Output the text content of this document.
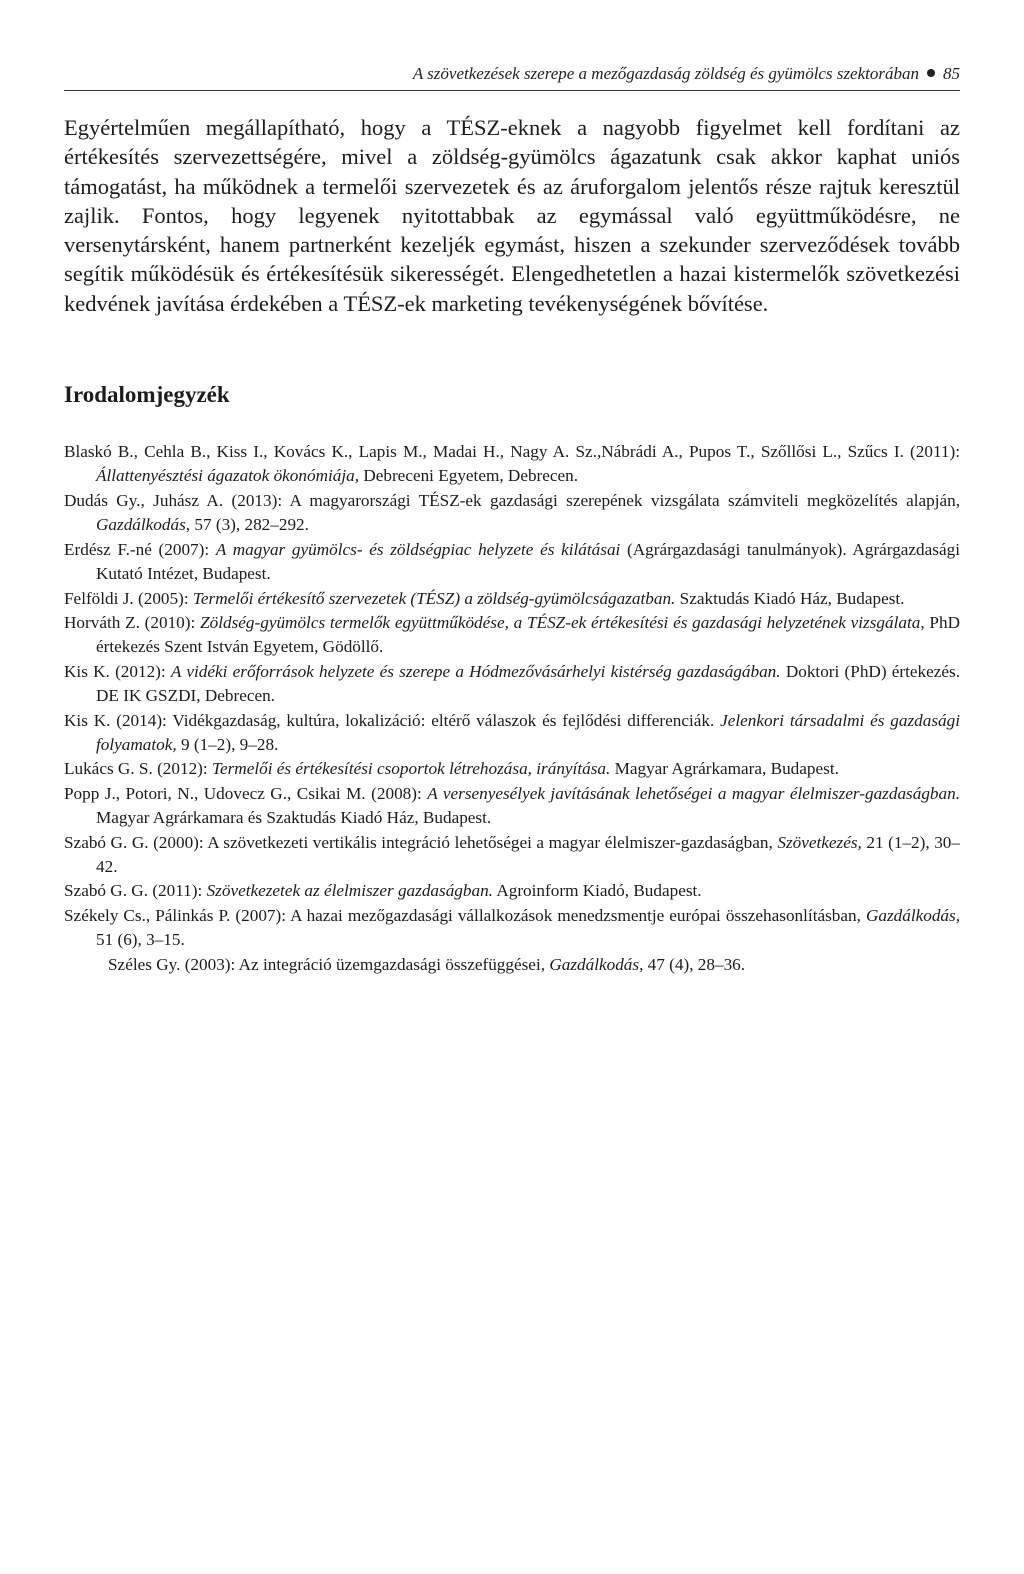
A szövetkezések szerepe a mezőgazdaság zöldség és gyümölcs szektorában 85

Egyértelműen megállapítható, hogy a TÉSZ-eknek a nagyobb figyelmet kell fordítani az értékesítés szervezettségére, mivel a zöldség-gyümölcs ágazatunk csak akkor kaphat uniós támogatást, ha működnek a termelői szervezetek és az áruforgalom jelentős része rajtuk keresztül zajlik. Fontos, hogy legyenek nyitottabbak az egymással való együttműködésre, ne versenytársként, hanem partnerként kezeljék egymást, hiszen a szekunder szerveződések tovább segítik működésük és értékesítésük sikerességét. Elengedhetetlen a hazai kistermelők szövetkezési kedvének javítása érdekében a TÉSZ-ek marketing tevékenységének bővítése.

Irodalomjegyzék

Blaskó B., Cehla B., Kiss I., Kovács K., Lapis M., Madai H., Nagy A. Sz.,Nábrádi A., Pupos T., Szőllősi L., Szűcs I. (2011): Állattenyésztési ágazatok ökonómiája, Debreceni Egyetem, Debrecen.

Dudás Gy., Juhász A. (2013): A magyarországi TÉSZ-ek gazdasági szerepének vizsgálata számviteli megközelítés alapján, Gazdálkodás, 57 (3), 282–292.

Erdész F.-né (2007): A magyar gyümölcs- és zöldségpiac helyzete és kilátásai (Agrárgazdasági tanulmányok). Agrárgazdasági Kutató Intézet, Budapest.

Felföldi J. (2005): Termelői értékesítő szervezetek (TÉSZ) a zöldség-gyümölcságazatban. Szaktudás Kiadó Ház, Budapest.

Horváth Z. (2010): Zöldség-gyümölcs termelők együttműködése, a TÉSZ-ek értékesítési és gazdasági helyzetének vizsgálata, PhD értekezés Szent István Egyetem, Gödöllő.

Kis K. (2012): A vidéki erőforrások helyzete és szerepe a Hódmezővásárhelyi kistérség gazdaságában. Doktori (PhD) értekezés. DE IK GSZDI, Debrecen.

Kis K. (2014): Vidékgazdaság, kultúra, lokalizáció: eltérő válaszok és fejlődési differenciák. Jelenkori társadalmi és gazdasági folyamatok, 9 (1–2), 9–28.

Lukács G. S. (2012): Termelői és értékesítési csoportok létrehozása, irányítása. Magyar Agrárkamara, Budapest.

Popp J., Potori, N., Udovecz G., Csikai M. (2008): A versenyesélyek javításának lehetőségei a magyar élelmiszer-gazdaságban. Magyar Agrárkamara és Szaktudás Kiadó Ház, Budapest.

Szabó G. G. (2000): A szövetkezeti vertikális integráció lehetőségei a magyar élelmiszer-gazdaságban, Szövetkezés, 21 (1–2), 30–42.

Szabó G. G. (2011): Szövetkezetek az élelmiszer gazdaságban. Agroinform Kiadó, Budapest.

Székely Cs., Pálinkás P. (2007): A hazai mezőgazdasági vállalkozások menedzsmentje európai összehasonlításban, Gazdálkodás, 51 (6), 3–15.

Széles Gy. (2003): Az integráció üzemgazdasági összefüggései, Gazdálkodás, 47 (4), 28–36.
